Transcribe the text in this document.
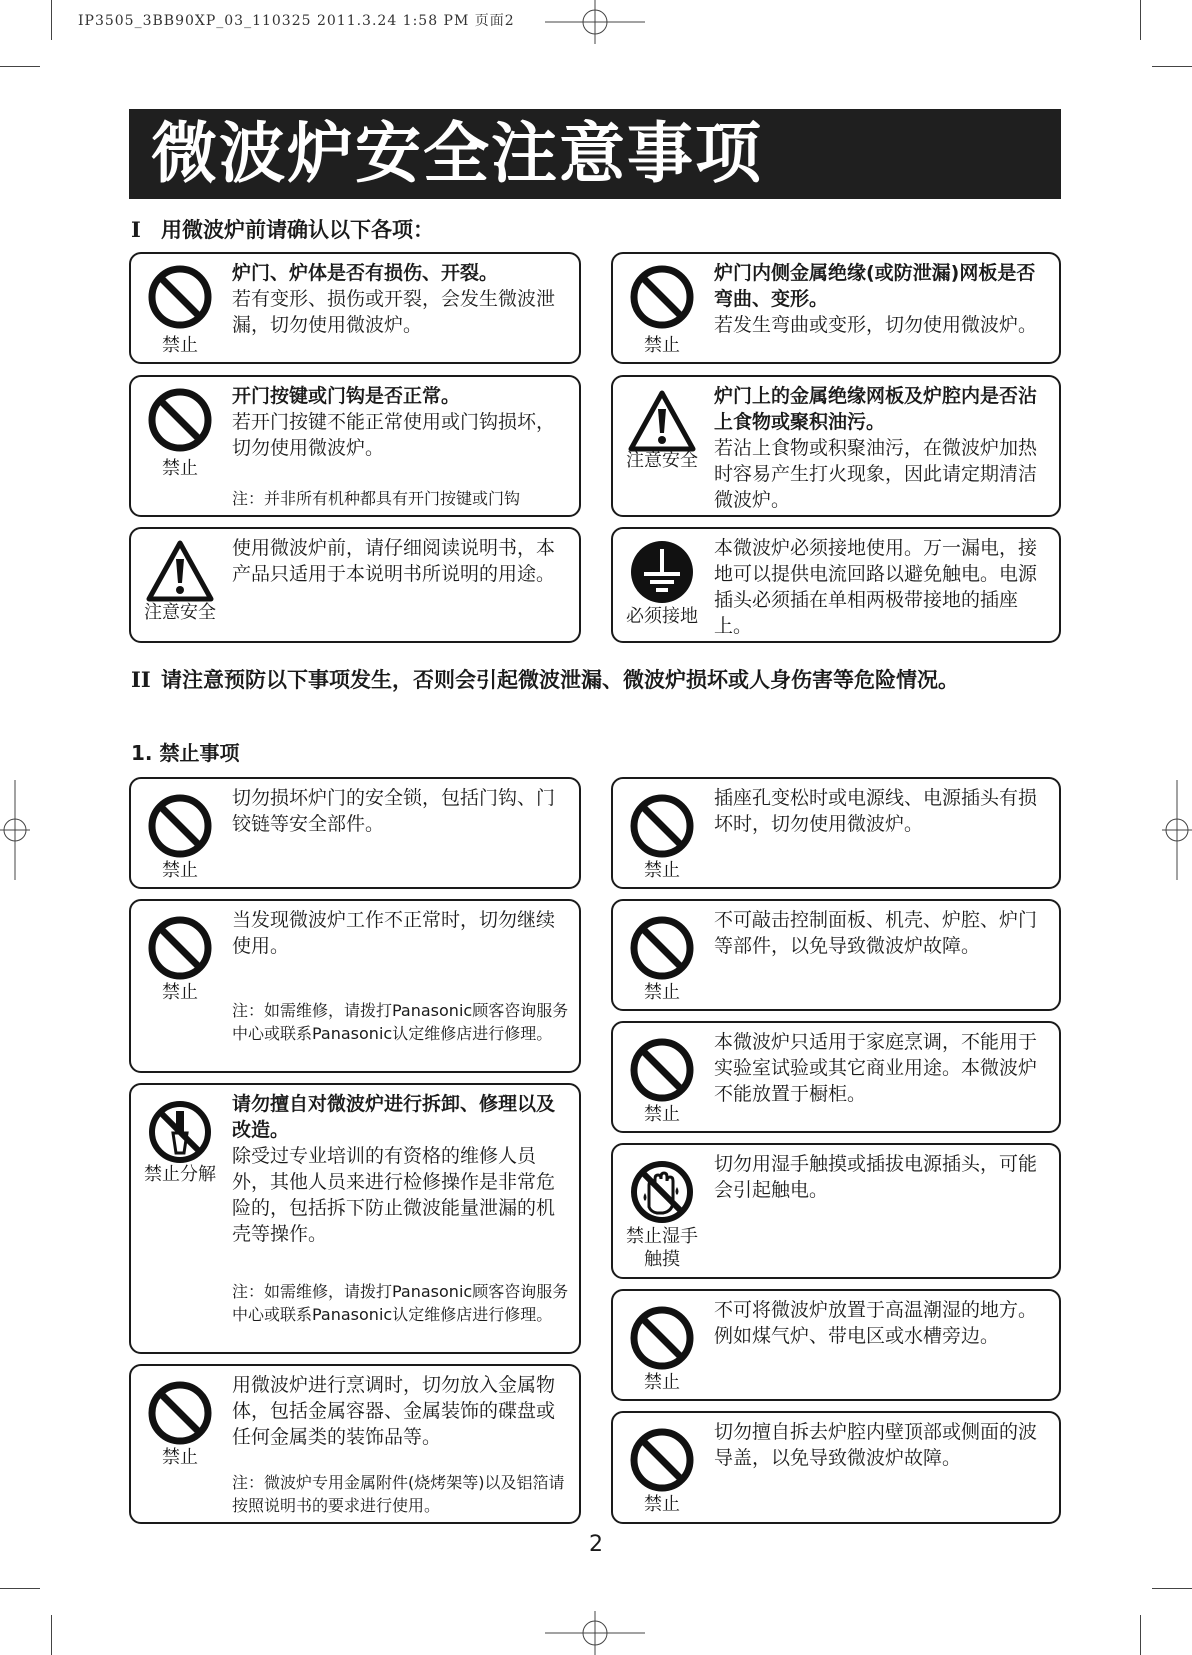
IP3505_3BB90XP_03_110325 2011.3.24 1:58 PM 页面2
微波炉安全注意事项
I 用微波炉前请确认以下各项：
禁止
炉门、炉体是否有损伤、开裂。
若有变形、损伤或开裂，会发生微波泄漏，切勿使用微波炉。
禁止
炉门内侧金属绝缘(或防泄漏)网板是否弯曲、变形。
若发生弯曲或变形，切勿使用微波炉。
禁止
开门按键或门钩是否正常。
若开门按键不能正常使用或门钩损坏，切勿使用微波炉。
注：并非所有机种都具有开门按键或门钩
注意安全
炉门上的金属绝缘网板及炉腔内是否沾上食物或聚积油污。
若沾上食物或积聚油污，在微波炉加热时容易产生打火现象，因此请定期清洁微波炉。
注意安全
使用微波炉前，请仔细阅读说明书，本产品只适用于本说明书所说明的用途。
必须接地
本微波炉必须接地使用。万一漏电，接地可以提供电流回路以避免触电。电源插头必须插在单相两极带接地的插座上。
II 请注意预防以下事项发生，否则会引起微波泄漏、微波炉损坏或人身伤害等危险情况。
1. 禁止事项
禁止
切勿损坏炉门的安全锁，包括门钩、门铰链等安全部件。
禁止
当发现微波炉工作不正常时，切勿继续使用。
注：如需维修，请拨打Panasonic顾客咨询服务中心或联系Panasonic认定维修店进行修理。
禁止分解
请勿擅自对微波炉进行拆卸、修理以及改造。
除受过专业培训的有资格的维修人员外，其他人员来进行检修操作是非常危险的，包括拆下防止微波能量泄漏的机壳等操作。
注：如需维修，请拨打Panasonic顾客咨询服务中心或联系Panasonic认定维修店进行修理。
禁止
用微波炉进行烹调时，切勿放入金属物体，包括金属容器、金属装饰的碟盘或任何金属类的装饰品等。
注：微波炉专用金属附件(烧烤架等)以及铝箔请按照说明书的要求进行使用。
禁止
插座孔变松时或电源线、电源插头有损坏时，切勿使用微波炉。
禁止
不可敲击控制面板、机壳、炉腔、炉门等部件，以免导致微波炉故障。
禁止
本微波炉只适用于家庭烹调，不能用于实验室试验或其它商业用途。本微波炉不能放置于橱柜。
禁止湿手触摸
切勿用湿手触摸或插拔电源插头，可能会引起触电。
禁止
不可将微波炉放置于高温潮湿的地方。例如煤气炉、带电区或水槽旁边。
禁止
切勿擅自拆去炉腔内壁顶部或侧面的波导盖，以免导致微波炉故障。
2
